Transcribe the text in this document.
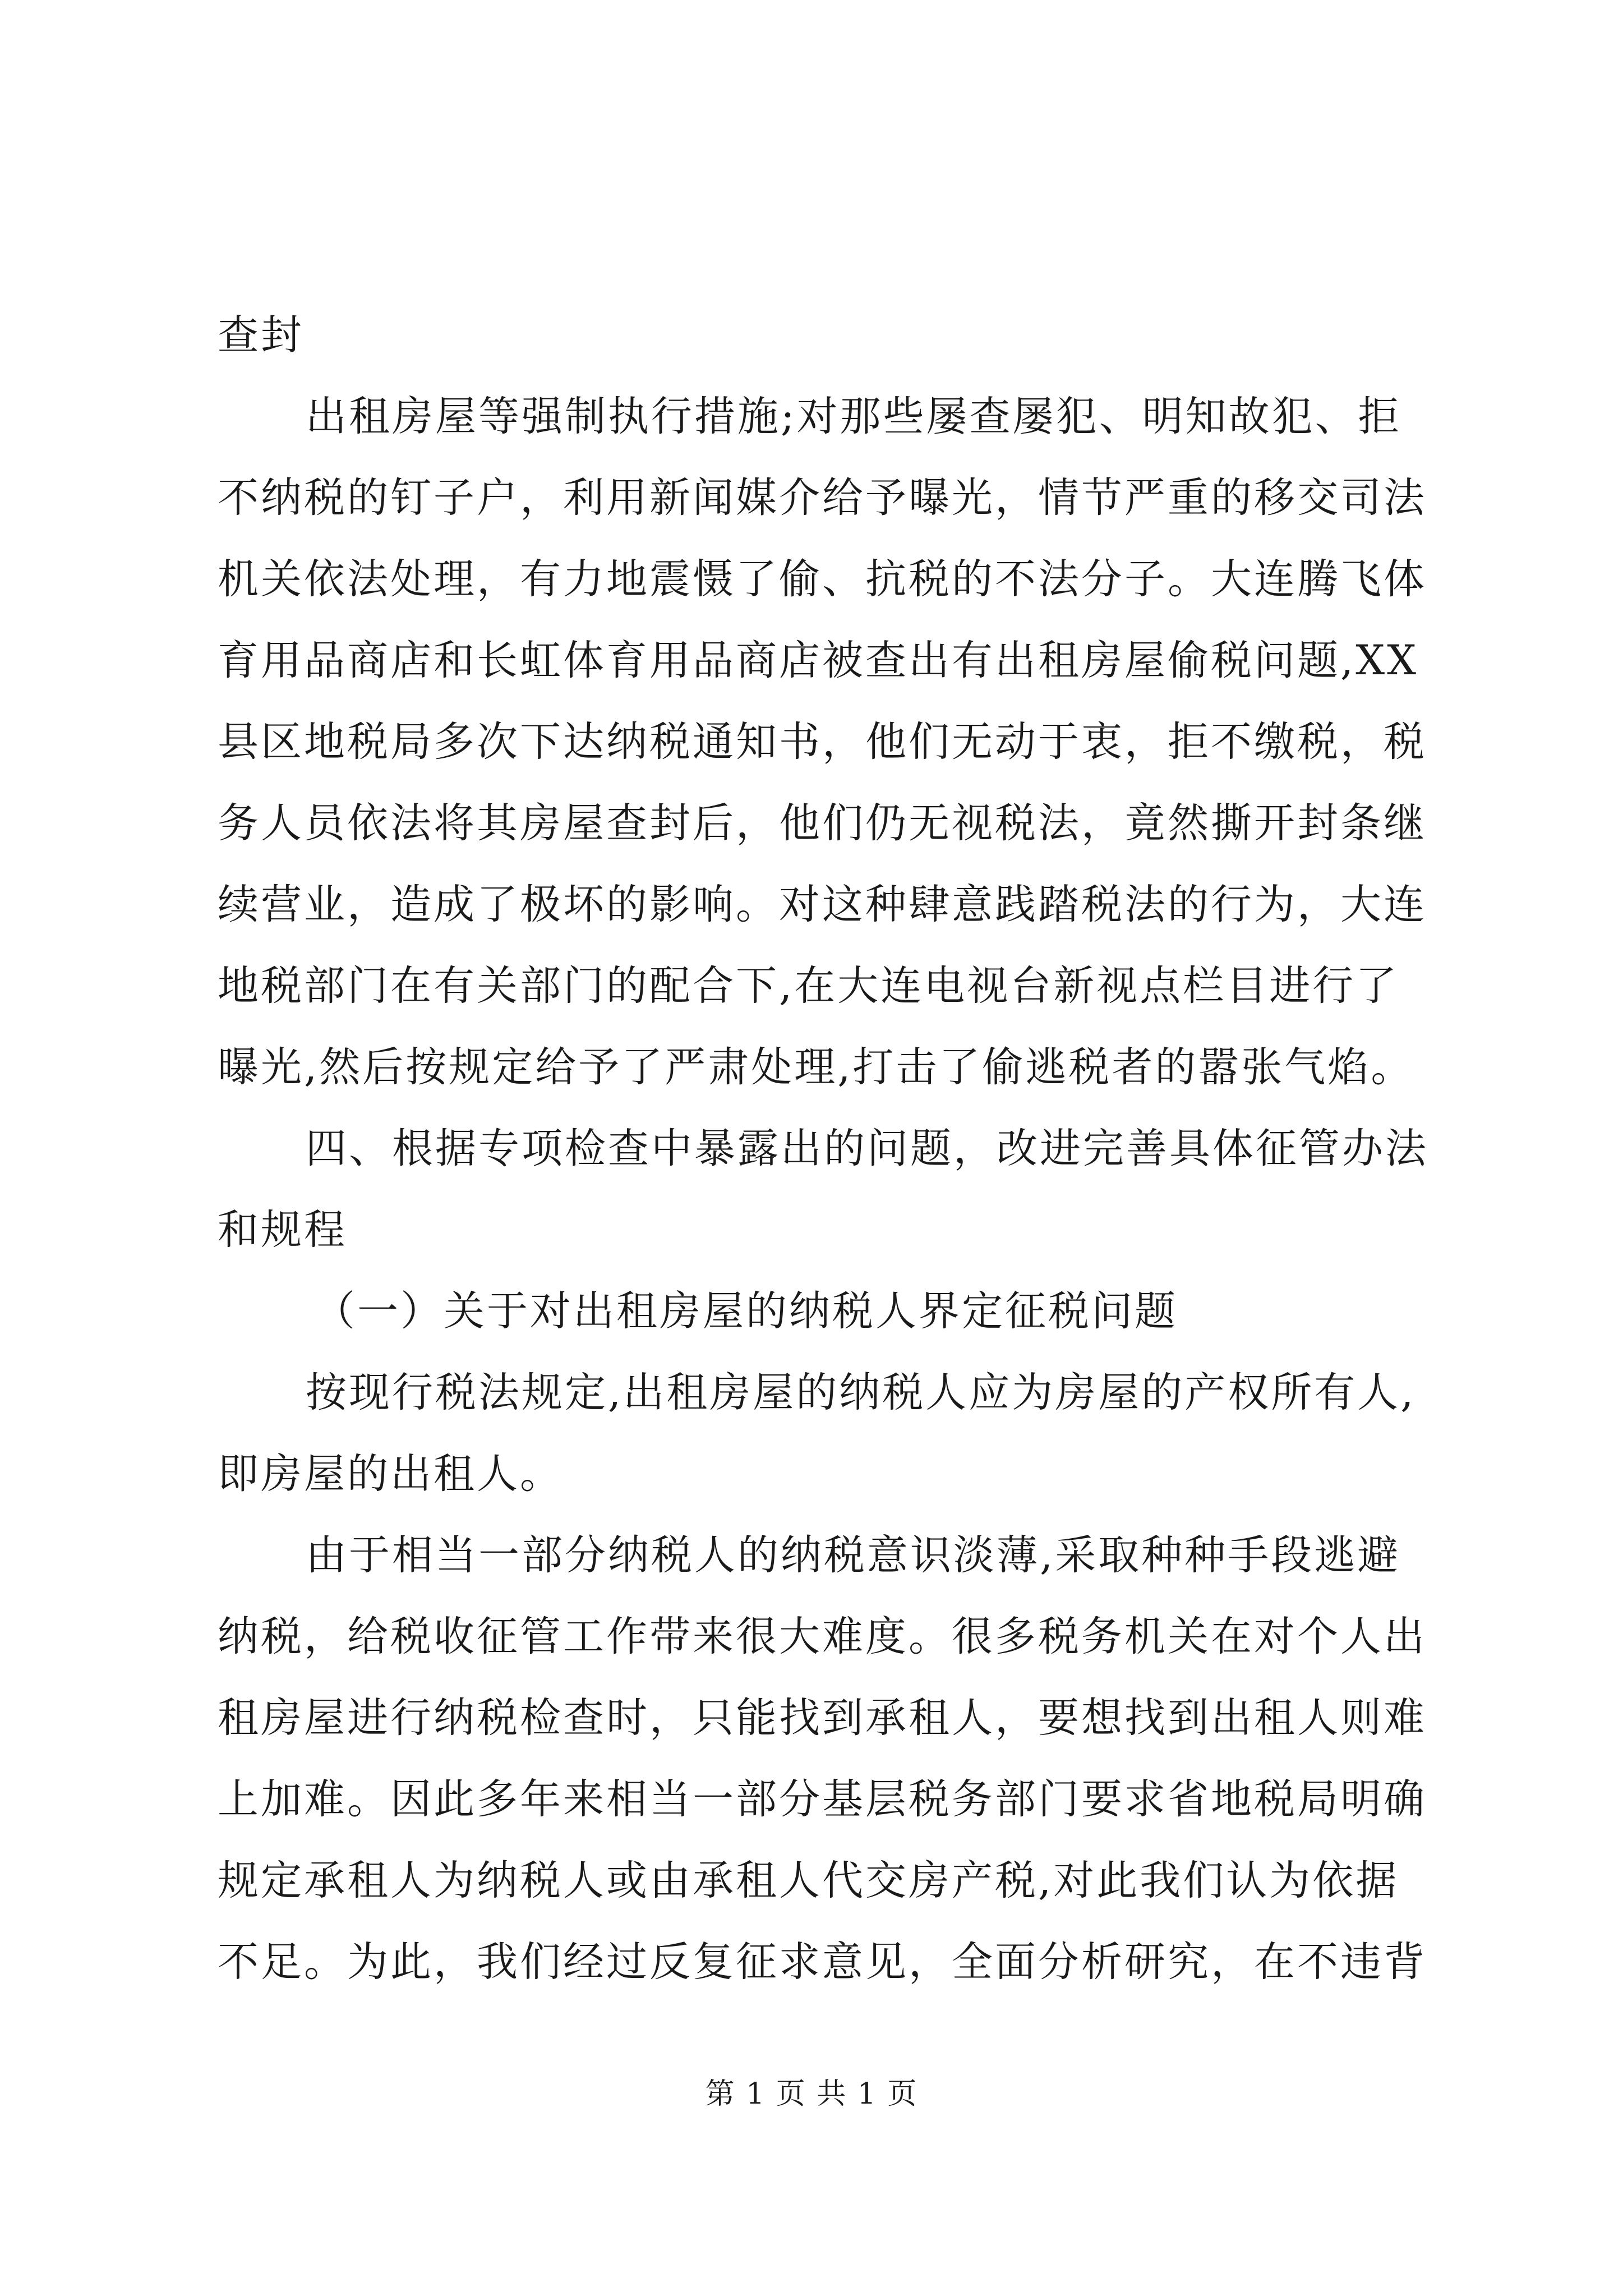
查封
出租房屋等强制执行措施;对那些屡查屡犯、明知故犯、拒
不纳税的钉子户，利用新闻媒介给予曝光，情节严重的移交司法
机关依法处理，有力地震慑了偷、抗税的不法分子。大连腾飞体
育用品商店和长虹体育用品商店被查出有出租房屋偷税问题,XX
县区地税局多次下达纳税通知书，他们无动于衷，拒不缴税，税
务人员依法将其房屋查封后，他们仍无视税法，竟然撕开封条继
续营业，造成了极坏的影响。对这种肆意践踏税法的行为，大连
地税部门在有关部门的配合下,在大连电视台新视点栏目进行了
曝光,然后按规定给予了严肃处理,打击了偷逃税者的嚣张气焰。
四、根据专项检查中暴露出的问题，改进完善具体征管办法
和规程
（一）关于对出租房屋的纳税人界定征税问题
按现行税法规定,出租房屋的纳税人应为房屋的产权所有人,
即房屋的出租人。
由于相当一部分纳税人的纳税意识淡薄,采取种种手段逃避
纳税，给税收征管工作带来很大难度。很多税务机关在对个人出
租房屋进行纳税检查时，只能找到承租人，要想找到出租人则难
上加难。因此多年来相当一部分基层税务部门要求省地税局明确
规定承租人为纳税人或由承租人代交房产税,对此我们认为依据
不足。为此，我们经过反复征求意见，全面分析研究，在不违背
第 1 页 共 1 页
